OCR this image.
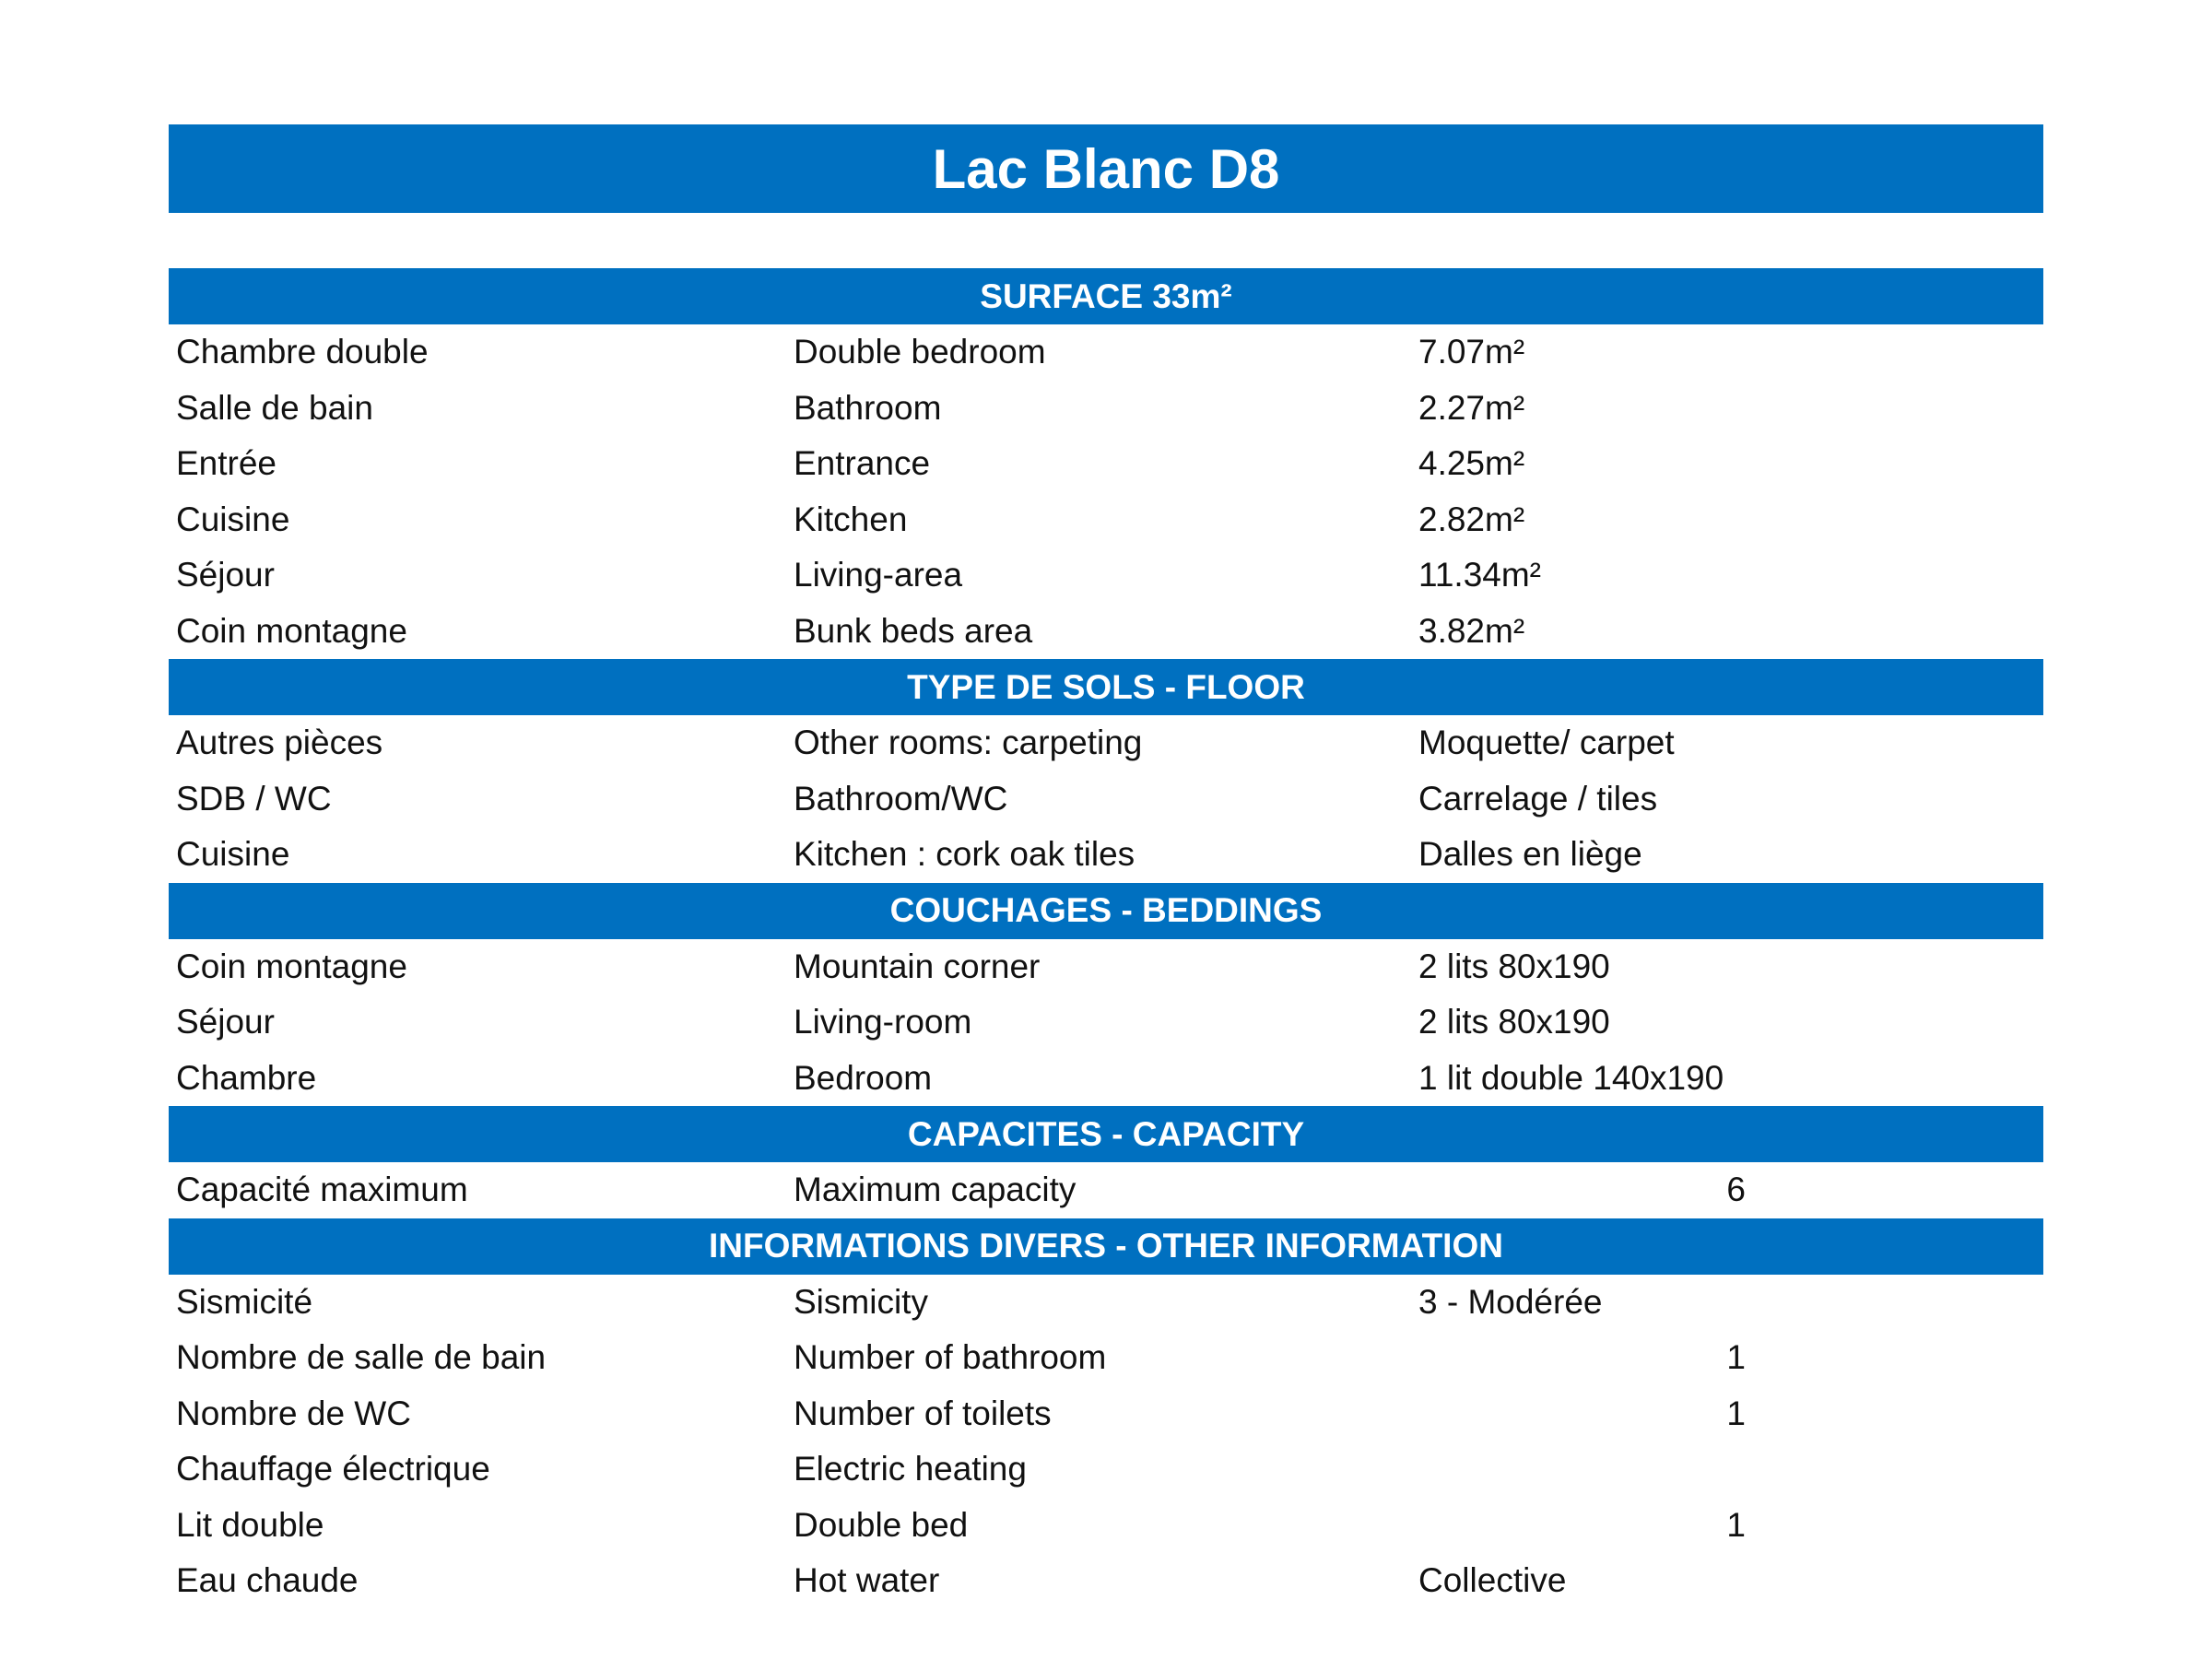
Lac Blanc D8
SURFACE 33m²
Chambre double	Double bedroom	7.07m²
Salle de bain	Bathroom	2.27m²
Entrée	Entrance	4.25m²
Cuisine	Kitchen	2.82m²
Séjour	Living-area	11.34m²
Coin montagne	Bunk beds area	3.82m²
TYPE DE SOLS - FLOOR
Autres pièces	Other rooms: carpeting	Moquette/ carpet
SDB / WC	Bathroom/WC	Carrelage / tiles
Cuisine	Kitchen : cork oak tiles	Dalles en liège
COUCHAGES - BEDDINGS
Coin montagne	Mountain corner	2 lits 80x190
Séjour	Living-room	2 lits 80x190
Chambre	Bedroom	1 lit double 140x190
CAPACITES - CAPACITY
Capacité maximum	Maximum capacity	6
INFORMATIONS DIVERS - OTHER INFORMATION
Sismicité	Sismicity	3 - Modérée
Nombre de salle de bain	Number of bathroom	1
Nombre de WC	Number of toilets	1
Chauffage électrique	Electric heating
Lit double	Double bed	1
Eau chaude	Hot water	Collective
